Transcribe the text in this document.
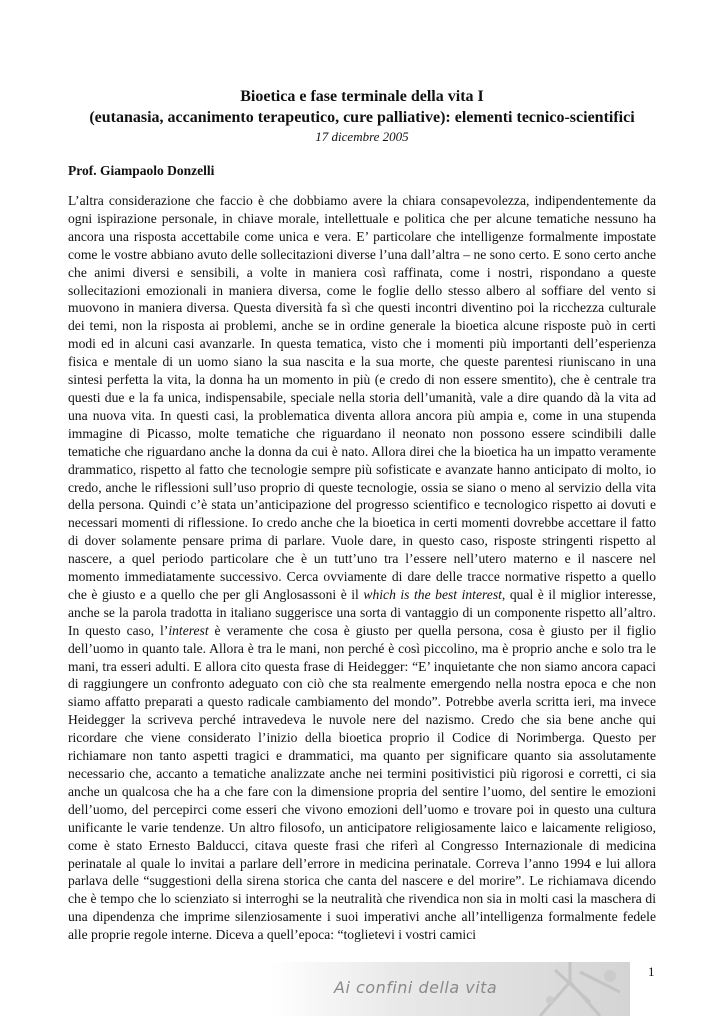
Bioetica e fase terminale della vita I

(eutanasia, accanimento terapeutico, cure palliative): elementi tecnico-scientifici

17 dicembre 2005

Prof. Giampaolo Donzelli

L’altra considerazione che faccio è che dobbiamo avere la chiara consapevolezza, indipendentemente da ogni ispirazione personale, in chiave morale, intellettuale e politica che per alcune tematiche nessuno ha ancora una risposta accettabile come unica e vera. E’ particolare che intelligenze formalmente impostate come le vostre abbiano avuto delle sollecitazioni diverse l’una dall’altra – ne sono certo. E sono certo anche che animi diversi e sensibili, a volte in maniera così raffinata, come i nostri, rispondano a queste sollecitazioni emozionali in maniera diversa, come le foglie dello stesso albero al soffiare del vento si muovono in maniera diversa. Questa diversità fa sì che questi incontri diventino poi la ricchezza culturale dei temi, non la risposta ai problemi, anche se in ordine generale la bioetica alcune risposte può in certi modi ed in alcuni casi avanzarle. In questa tematica, visto che i momenti più importanti dell’esperienza fisica e mentale di un uomo siano la sua nascita e la sua morte, che queste parentesi riuniscano in una sintesi perfetta la vita, la donna ha un momento in più (e credo di non essere smentito), che è centrale tra questi due e la fa unica, indispensabile, speciale nella storia dell’umanità, vale a dire quando dà la vita ad una nuova vita. In questi casi, la problematica diventa allora ancora più ampia e, come in una stupenda immagine di Picasso, molte tematiche che riguardano il neonato non possono essere scindibili dalle tematiche che riguardano anche la donna da cui è nato. Allora direi che la bioetica ha un impatto veramente drammatico, rispetto al fatto che tecnologie sempre più sofisticate e avanzate hanno anticipato di molto, io credo, anche le riflessioni sull’uso proprio di queste tecnologie, ossia se siano o meno al servizio della vita della persona. Quindi c’è stata un’anticipazione del progresso scientifico e tecnologico rispetto ai dovuti e necessari momenti di riflessione. Io credo anche che la bioetica in certi momenti dovrebbe accettare il fatto di dover solamente pensare prima di parlare. Vuole dare, in questo caso, risposte stringenti rispetto al nascere, a quel periodo particolare che è un tutt’uno tra l’essere nell’utero materno e il nascere nel momento immediatamente successivo. Cerca ovviamente di dare delle tracce normative rispetto a quello che è giusto e a quello che per gli Anglosassoni è il which is the best interest, qual è il miglior interesse, anche se la parola tradotta in italiano suggerisce una sorta di vantaggio di un componente rispetto all’altro. In questo caso, l’interest è veramente che cosa è giusto per quella persona, cosa è giusto per il figlio dell’uomo in quanto tale. Allora è tra le mani, non perché è così piccolino, ma è proprio anche e solo tra le mani, tra esseri adulti. E allora cito questa frase di Heidegger: “E’ inquietante che non siamo ancora capaci di raggiungere un confronto adeguato con ciò che sta realmente emergendo nella nostra epoca e che non siamo affatto preparati a questo radicale cambiamento del mondo”. Potrebbe averla scritta ieri, ma invece Heidegger la scriveva perché intravedeva le nuvole nere del nazismo. Credo che sia bene anche qui ricordare che viene considerato l’inizio della bioetica proprio il Codice di Norimberga. Questo per richiamare non tanto aspetti tragici e drammatici, ma quanto per significare quanto sia assolutamente necessario che, accanto a tematiche analizzate anche nei termini positivistici più rigorosi e corretti, ci sia anche un qualcosa che ha a che fare con la dimensione propria del sentire l’uomo, del sentire le emozioni dell’uomo, del percepirci come esseri che vivono emozioni dell’uomo e trovare poi in questo una cultura unificante le varie tendenze. Un altro filosofo, un anticipatore religiosamente laico e laicamente religioso, come è stato Ernesto Balducci, citava queste frasi che riferì al Congresso Internazionale di medicina perinatale al quale lo invitai a parlare dell’errore in medicina perinatale. Correva l’anno 1994 e lui allora parlava delle “suggestioni della sirena storica che canta del nascere e del morire”. Le richiamava dicendo che è tempo che lo scienziato si interroghi se la neutralità che rivendica non sia in molti casi la maschera di una dipendenza che imprime silenziosamente i suoi imperativi anche all’intelligenza formalmente fedele alle proprie regole interne. Diceva a quell’epoca: “toglietevi i vostri camici

Ai confini della vita
1
